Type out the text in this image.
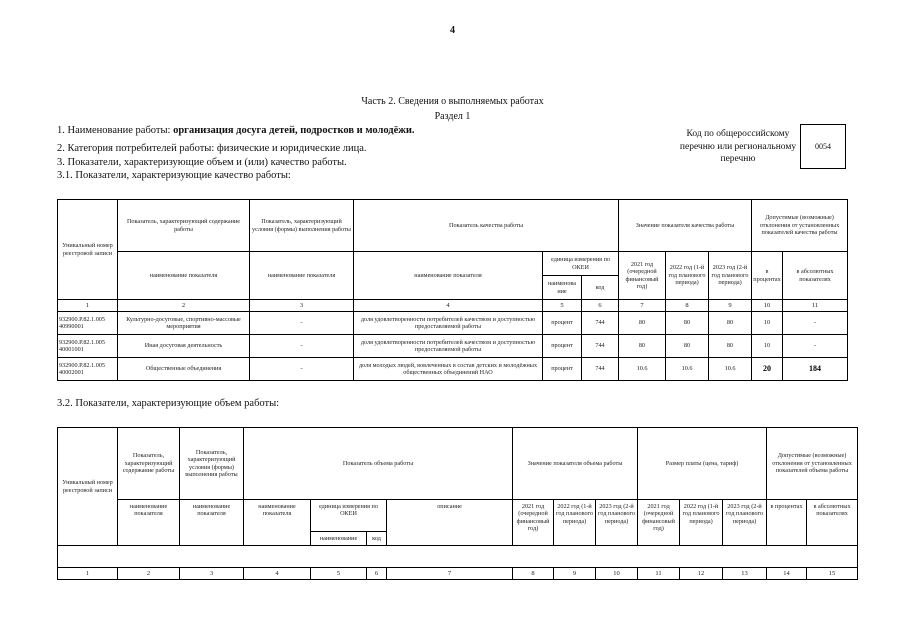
4
Часть 2. Сведения о выполняемых работах
Раздел 1
1. Наименование работы: организация досуга детей, подростков и молодёжи.
2. Категория потребителей работы: физические и юридические лица.
3. Показатели, характеризующие объем и (или) качество работы.
3.1. Показатели, характеризующие качество работы:
Код по общероссийскому перечню или региональному перечню
0054
Уникальный номер реестровой записи	Показатель, характеризующий содержание работы	Показатель, характеризующий условия (формы) выполнения работы	Показатель качества работы			Значение показателя качества работы			Допустимые (возможные) отклонения от установленных показателей качества работы	
	наименование показателя	наименование показателя	наименование показателя	единица измерения по ОКЕИ		2021 год (очередной финансовый год)	2022 год (1-й год планового периода)	2023 год (2-й год планового периода)	в процентах	в абсолютных показателях
				наименова ние	код					
1	2	3	4	5	6	7	8	9	10	11
932900.Р.82.1.005 40990001	Культурно-досуговые, спортивно-массовые мероприятия	-	доля удовлетворенности потребителей качеством и доступностью предоставляемой работы	процент	744	80	80	80	10	-
932900.Р.82.1.005 40001001	Иная досуговая деятельность	-	доля удовлетворенности потребителей качеством и доступностью предоставляемой работы	процент	744	80	80	80	10	-
932900.Р.82.1.005 40002001	Общественные объединения	-	доля молодых людей, вовлеченных в состав детских и молодёжных общественных объединений НАО	процент	744	10.6	10.6	10.6	20	184
3.2. Показатели, характеризующие объем работы:
Уникальный номер реестровой записи	Показатель, характеризующий содержание работы	Показатель, характеризующий условия (формы) выполнения работы	Показатель объема работы				Значение показателя объема работы			Размер платы (цена, тариф)			Допустимые (возможные) отклонения от установленных показателей объема работы	
	наименование показателя	наименование показателя	наименование показателя	единица измерения по ОКЕИ		описание	2021 год (очередной финансовый год)	2022 год (1-й год планового периода)	2023 год (2-й год планового периода)	2021 год (очередной финансовый год)	2022 год (1-й год планового периода)	2023 год (2-й год планового периода)	в процентах	в абсолютных показателях
				наименование	код									

1	2	3	4	5	6	7	8	9	10	11	12	13	14	15
